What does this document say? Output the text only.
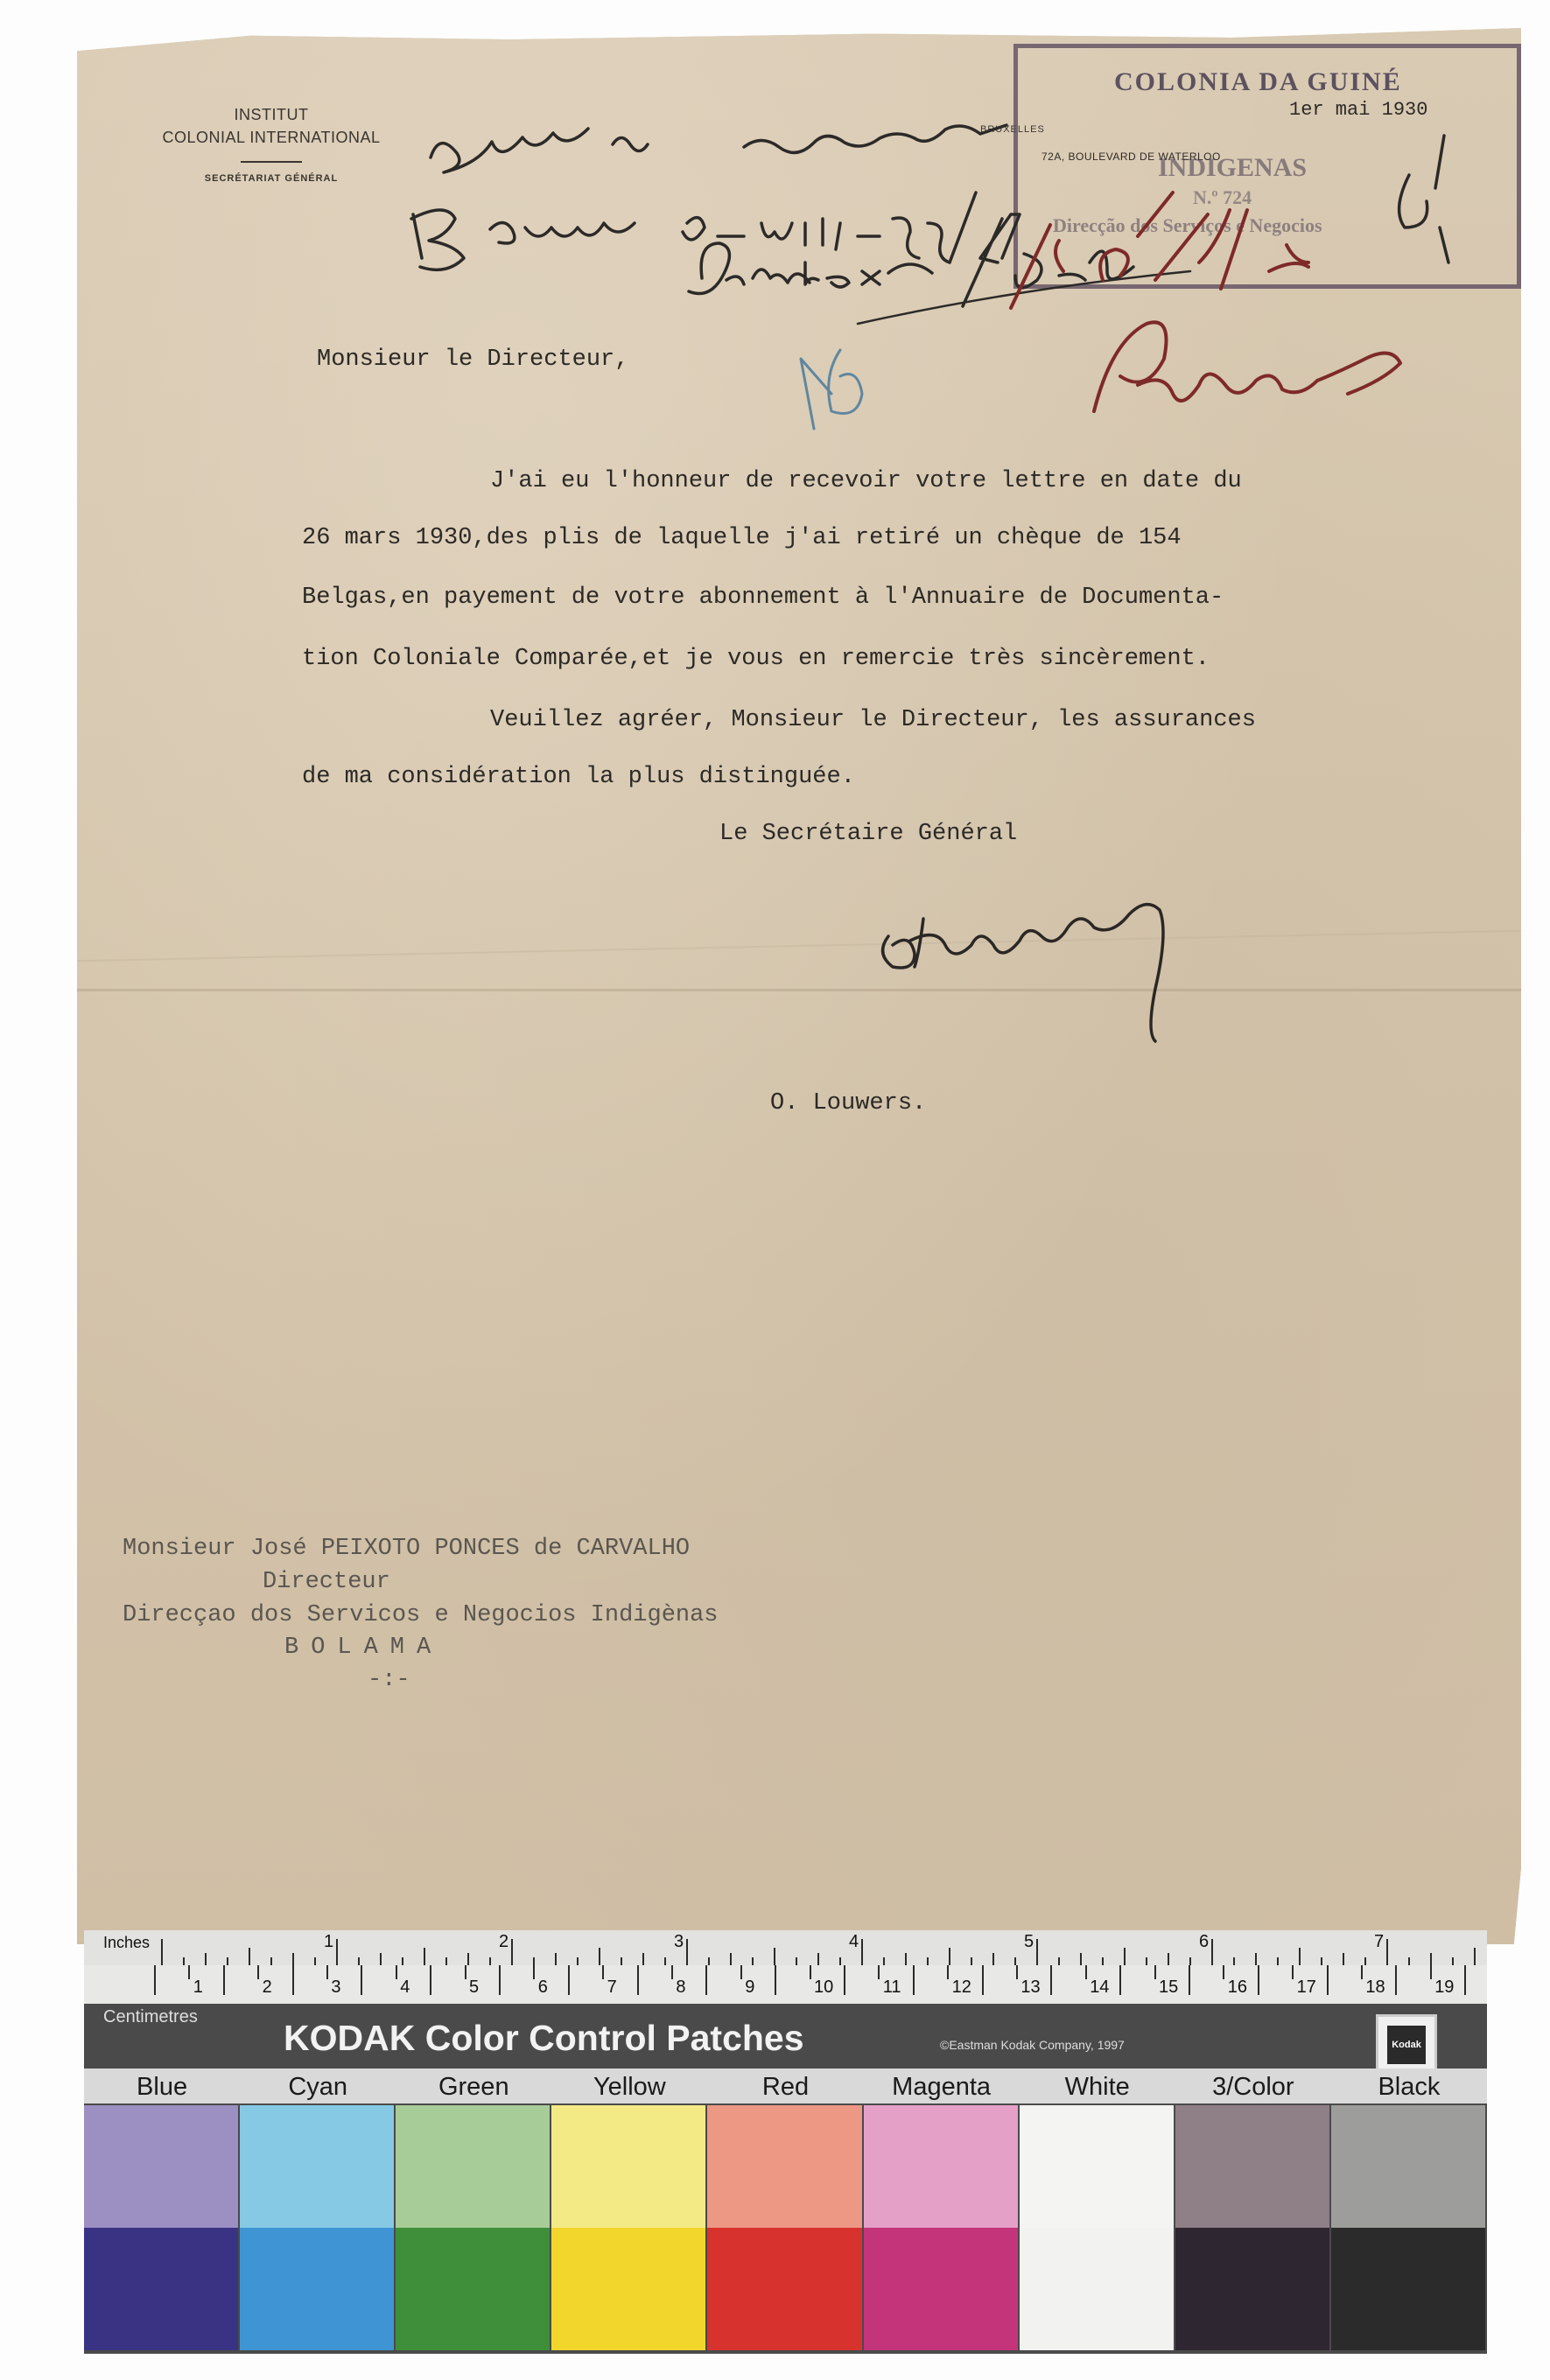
INSTITUT
COLONIAL INTERNATIONAL
SECRÉTARIAT GÉNÉRAL
BRUXELLES
72A, BOULEVARD DE WATERLOO
COLONIA DA GUINÉ
1er mai 1930
INDIGENAS
N.º 724
Direcção dos Serviços e Negocios
Monsieur le Directeur,
J'ai eu l'honneur de recevoir votre lettre en date du
26 mars 1930,des plis de laquelle j'ai retiré un chèque de 154
Belgas,en payement de votre abonnement à l'Annuaire de Documenta-
tion Coloniale Comparée,et je vous en remercie très sincèrement.
Veuillez agréer, Monsieur le Directeur, les assurances
de ma considération la plus distinguée.
Le Secrétaire Général
O. Louwers.
Monsieur José PEIXOTO PONCES de CARVALHO
Directeur
Direcçao dos Servicos e Negocios Indigènas
BOLAMA
-:-
Inches	1	2	3	4	5	6	7
1	2	3	4	5	6	7	8	9	10	11	12	13	14	15	16	17	18	19
Centimetres
KODAK Color Control Patches	©Eastman Kodak Company, 1997	Kodak
Blue	Cyan	Green	Yellow	Red	Magenta	White	3/Color	Black
